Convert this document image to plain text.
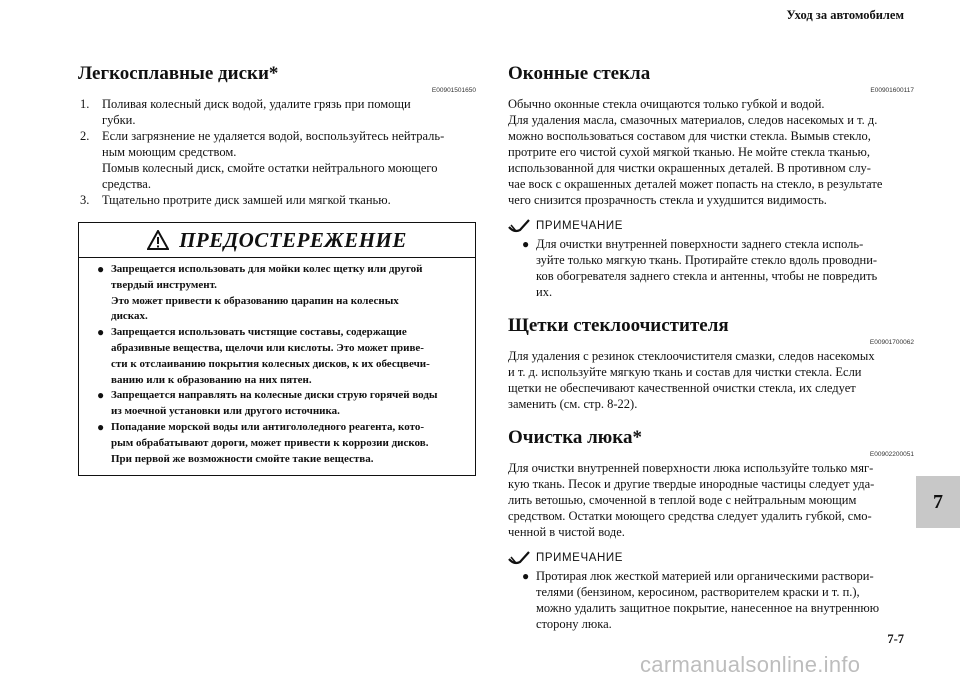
Уход за автомобилем
Легкосплавные диски*
E00901501650
1.	Поливая колесный диск водой, удалите грязь при помощи
губки.
2.	Если загрязнение не удаляется водой, воспользуйтесь нейтраль-
ным моющим средством.
Помыв колесный диск, смойте остатки нейтрального моющего
средства.
3.	Тщательно протрите диск замшей или мягкой тканью.
ПРЕДОСТЕРЕЖЕНИЕ
● Запрещается использовать для мойки колес щетку или другой
твердый инструмент.
Это может привести к образованию царапин на колесных
дисках.
● Запрещается использовать чистящие составы, содержащие
абразивные вещества, щелочи или кислоты. Это может приве-
сти к отслаиванию покрытия колесных дисков, к их обесцвечи-
ванию или к образованию на них пятен.
● Запрещается направлять на колесные диски струю горячей воды
из моечной установки или другого источника.
● Попадание морской воды или антигололедного реагента, кото-
рым обрабатывают дороги, может привести к коррозии дисков.
При первой же возможности смойте такие вещества.
Оконные стекла
E00901600117

Обычно оконные стекла очищаются только губкой и водой.
Для удаления масла, смазочных материалов, следов насекомых и т. д.
можно воспользоваться составом для чистки стекла. Вымыв стекло,
протрите его чистой сухой мягкой тканью. Не мойте стекла тканью,
использованной для чистки окрашенных деталей. В противном слу-
чае воск с окрашенных деталей может попасть на стекло, в результате
чего снизится прозрачность стекла и ухудшится видимость.

ПРИМЕЧАНИЕ
● Для очистки внутренней поверхности заднего стекла исполь-
зуйте только мягкую ткань. Протирайте стекло вдоль проводни-
ков обогревателя заднего стекла и антенны, чтобы не повредить
их.
Щетки стеклоочистителя
E00901700062

Для удаления с резинок стеклоочистителя смазки, следов насекомых
и т. д. используйте мягкую ткань и состав для чистки стекла. Если
щетки не обеспечивают качественной очистки стекла, их следует
заменить (см. стр. 8-22).

Очистка люка*
E00902200051

Для очистки внутренней поверхности люка используйте только мяг-
кую ткань. Песок и другие твердые инородные частицы следует уда-
лить ветошью, смоченной в теплой воде с нейтральным моющим
средством. Остатки моющего средства следует удалить губкой, смо-
ченной в чистой воде.

ПРИМЕЧАНИЕ
● Протирая люк жесткой материей или органическими раствори-
телями (бензином, керосином, растворителем краски и т. п.),
можно удалить защитное покрытие, нанесенное на внутреннюю
сторону люка.
7
7-7
carmanualsonline.info
